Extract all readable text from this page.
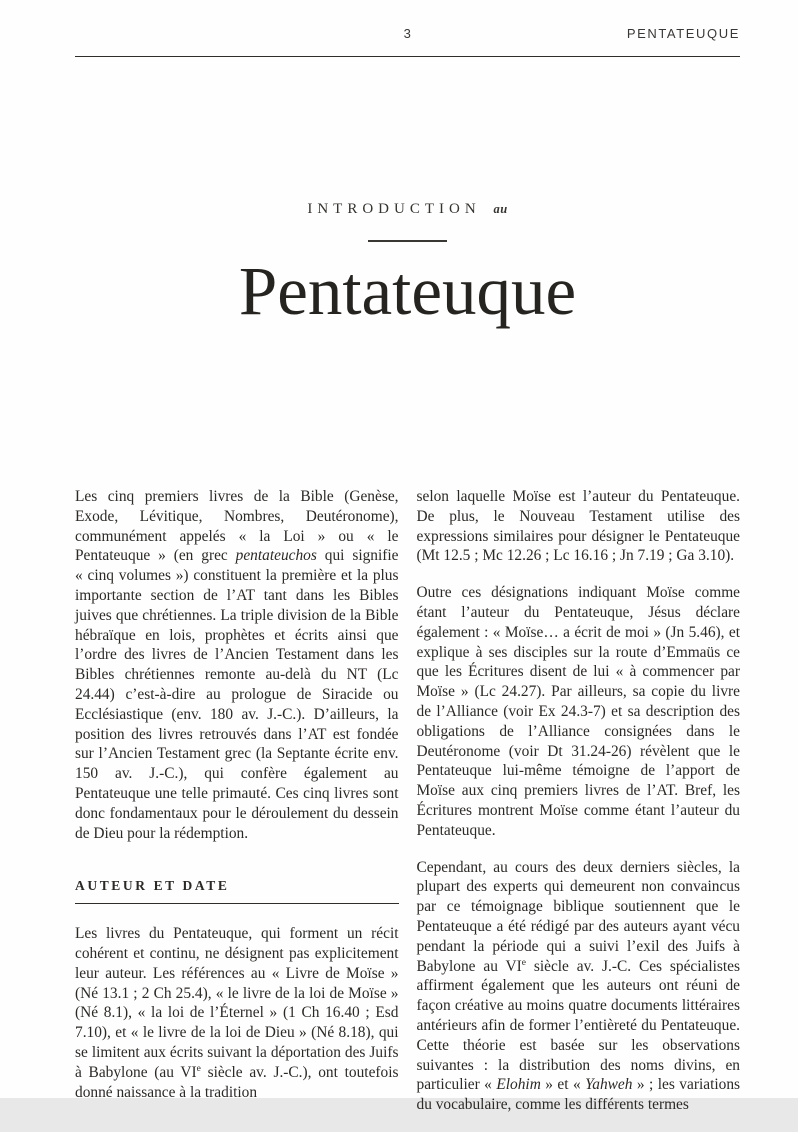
3	PENTATEUQUE
INTRODUCTION au
Pentateuque

Les cinq premiers livres de la Bible (Genèse, Exode, Lévitique, Nombres, Deutéronome), communément appelés « la Loi » ou « le Pentateuque » (en grec pentateuchos qui signifie « cinq volumes ») constituent la première et la plus importante section de l’AT tant dans les Bibles juives que chrétiennes. La triple division de la Bible hébraïque en lois, prophètes et écrits ainsi que l’ordre des livres de l’Ancien Testament dans les Bibles chrétiennes remonte au-delà du NT (Lc 24.44) c’est-à-dire au prologue de Siracide ou Ecclésiastique (env. 180 av. J.-C.). D’ailleurs, la position des livres retrouvés dans l’AT est fondée sur l’Ancien Testament grec (la Septante écrite env. 150 av. J.-C.), qui confère également au Pentateuque une telle primauté. Ces cinq livres sont donc fondamentaux pour le déroulement du dessein de Dieu pour la rédemption.

AUTEUR ET DATE

Les livres du Pentateuque, qui forment un récit cohérent et continu, ne désignent pas explicitement leur auteur. Les références au « Livre de Moïse » (Né 13.1 ; 2 Ch 25.4), « le livre de la loi de Moïse » (Né 8.1), « la loi de l’Éternel » (1 Ch 16.40 ; Esd 7.10), et « le livre de la loi de Dieu » (Né 8.18), qui se limitent aux écrits suivant la déportation des Juifs à Babylone (au VIe siècle av. J.-C.), ont toutefois donné naissance à la tradition

selon laquelle Moïse est l’auteur du Pentateuque. De plus, le Nouveau Testament utilise des expressions similaires pour désigner le Pentateuque (Mt 12.5 ; Mc 12.26 ; Lc 16.16 ; Jn 7.19 ; Ga 3.10).

Outre ces désignations indiquant Moïse comme étant l’auteur du Pentateuque, Jésus déclare également : « Moïse… a écrit de moi » (Jn 5.46), et explique à ses disciples sur la route d’Emmaüs ce que les Écritures disent de lui « à commencer par Moïse » (Lc 24.27). Par ailleurs, sa copie du livre de l’Alliance (voir Ex 24.3-7) et sa description des obligations de l’Alliance consignées dans le Deutéronome (voir Dt 31.24-26) révèlent que le Pentateuque lui-même témoigne de l’apport de Moïse aux cinq premiers livres de l’AT. Bref, les Écritures montrent Moïse comme étant l’auteur du Pentateuque.

Cependant, au cours des deux derniers siècles, la plupart des experts qui demeurent non convaincus par ce témoignage biblique soutiennent que le Pentateuque a été rédigé par des auteurs ayant vécu pendant la période qui a suivi l’exil des Juifs à Babylone au VIe siècle av. J.-C. Ces spécialistes affirment également que les auteurs ont réuni de façon créative au moins quatre documents littéraires antérieurs afin de former l’entièreté du Pentateuque. Cette théorie est basée sur les observations suivantes : la distribution des noms divins, en particulier « Elohim » et « Yahweh » ; les variations du vocabulaire, comme les différents termes
